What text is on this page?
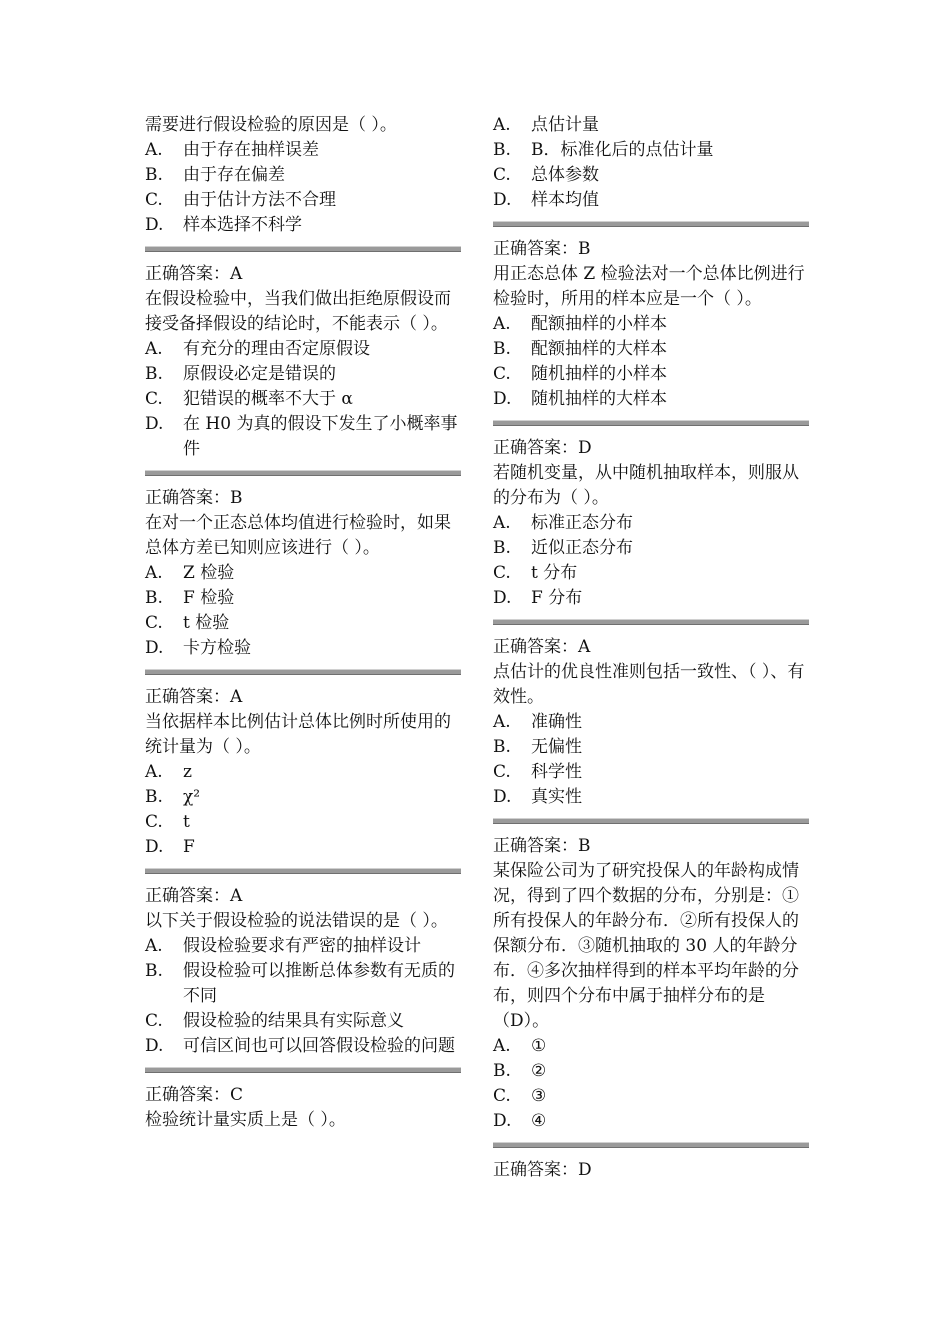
需要进行假设检验的原因是（ ）。
A.	由于存在抽样误差
B.	由于存在偏差
C.	由于估计方法不合理
D.	样本选择不科学
正确答案：A
在假设检验中，当我们做出拒绝原假设而接受备择假设的结论时，不能表示（ ）。
A.	有充分的理由否定原假设
B.	原假设必定是错误的
C.	犯错误的概率不大于 α
D.	在 H0 为真的假设下发生了小概率事件
正确答案：B
在对一个正态总体均值进行检验时，如果总体方差已知则应该进行（ ）。
A.	Z 检验
B.	F 检验
C.	t 检验
D.	卡方检验
正确答案：A
当依据样本比例估计总体比例时所使用的统计量为（ ）。
A.	z
B.	χ²
C.	t
D.	F
正确答案：A
以下关于假设检验的说法错误的是（ ）。
A.	假设检验要求有严密的抽样设计
B.	假设检验可以推断总体参数有无质的不同
C.	假设检验的结果具有实际意义
D.	可信区间也可以回答假设检验的问题
正确答案：C
检验统计量实质上是（ ）。
A.	点估计量
B.	B．标准化后的点估计量
C.	总体参数
D.	样本均值
正确答案：B
用正态总体 Z 检验法对一个总体比例进行检验时，所用的样本应是一个（ ）。
A.	配额抽样的小样本
B.	配额抽样的大样本
C.	随机抽样的小样本
D.	随机抽样的大样本
正确答案：D
若随机变量，从中随机抽取样本，则服从的分布为（ ）。
A.	标准正态分布
B.	近似正态分布
C.	t 分布
D.	F 分布
正确答案：A
点估计的优良性准则包括一致性、（ ）、有效性。
A.	准确性
B.	无偏性
C.	科学性
D.	真实性
正确答案：B
某保险公司为了研究投保人的年龄构成情况，得到了四个数据的分布，分别是：①所有投保人的年龄分布．②所有投保人的保额分布．③随机抽取的 30 人的年龄分布．④多次抽样得到的样本平均年龄的分布，则四个分布中属于抽样分布的是（D）。
A.	①
B.	②
C.	③
D.	④
正确答案：D
